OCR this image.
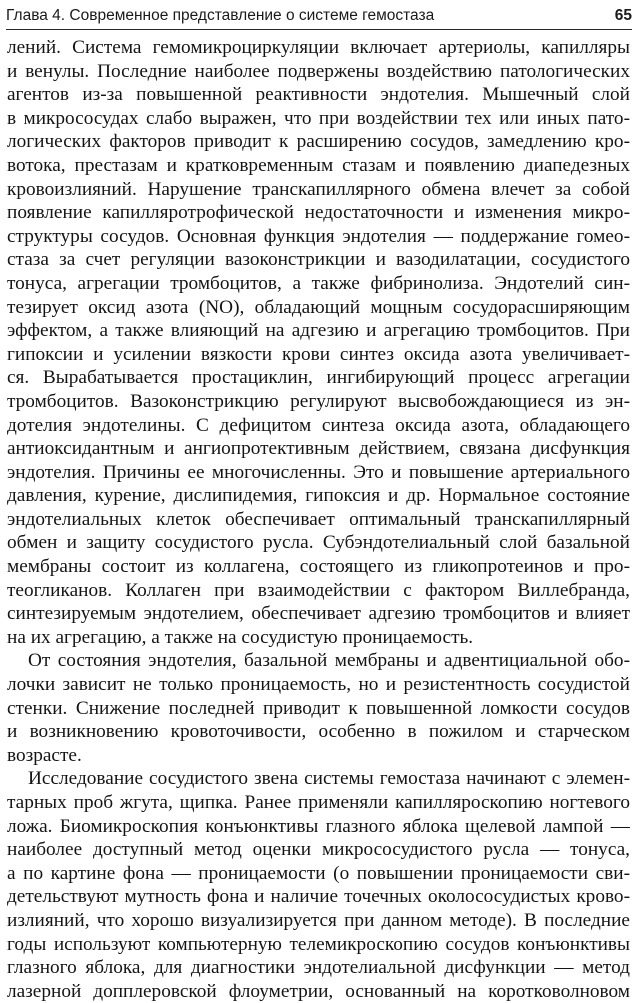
Глава 4. Современное представление о системе гемостаза	65
лений. Система гемомикроциркуляции включает артериолы, капилляры
и венулы. Последние наиболее подвержены воздействию патологических
агентов из-за повышенной реактивности эндотелия. Мышечный слой
в микрососудах слабо выражен, что при воздействии тех или иных пато-
логических факторов приводит к расширению сосудов, замедлению кро-
вотока, престазам и кратковременным стазам и появлению диапедезных
кровоизлияний. Нарушение транскапиллярного обмена влечет за собой
появление капилляротрофической недостаточности и изменения микро-
структуры сосудов. Основная функция эндотелия — поддержание гомео-
стаза за счет регуляции вазоконстрикции и вазодилатации, сосудистого
тонуса, агрегации тромбоцитов, а также фибринолиза. Эндотелий син-
тезирует оксид азота (NO), обладающий мощным сосудорасширяющим
эффектом, а также влияющий на адгезию и агрегацию тромбоцитов. При
гипоксии и усилении вязкости крови синтез оксида азота увеличивает-
ся. Вырабатывается простациклин, ингибирующий процесс агрегации
тромбоцитов. Вазоконстрикцию регулируют высвобождающиеся из эн-
дотелия эндотелины. С дефицитом синтеза оксида азота, обладающего
антиоксидантным и ангиопротективным действием, связана дисфункция
эндотелия. Причины ее многочисленны. Это и повышение артериального
давления, курение, дислипидемия, гипоксия и др. Нормальное состояние
эндотелиальных клеток обеспечивает оптимальный транскапиллярный
обмен и защиту сосудистого русла. Субэндотелиальный слой базальной
мембраны состоит из коллагена, состоящего из гликопротеинов и про-
теогликанов. Коллаген при взаимодействии с фактором Виллебранда,
синтезируемым эндотелием, обеспечивает адгезию тромбоцитов и влияет
на их агрегацию, а также на сосудистую проницаемость.
От состояния эндотелия, базальной мембраны и адвентициальной обо-
лочки зависит не только проницаемость, но и резистентность сосудистой
стенки. Снижение последней приводит к повышенной ломкости сосудов
и возникновению кровоточивости, особенно в пожилом и старческом
возрасте.
Исследование сосудистого звена системы гемостаза начинают с элемен-
тарных проб жгута, щипка. Ранее применяли капилляроскопию ногтевого
ложа. Биомикроскопия конъюнктивы глазного яблока щелевой лампой —
наиболее доступный метод оценки микрососудистого русла — тонуса,
а по картине фона — проницаемости (о повышении проницаемости сви-
детельствуют мутность фона и наличие точечных околососудистых крово-
излияний, что хорошо визуализируется при данном методе). В последние
годы используют компьютерную телемикроскопию сосудов конъюнктивы
глазного яблока, для диагностики эндотелиальной дисфункции — метод
лазерной допплеровской флоуметрии, основанный на коротковолновом
